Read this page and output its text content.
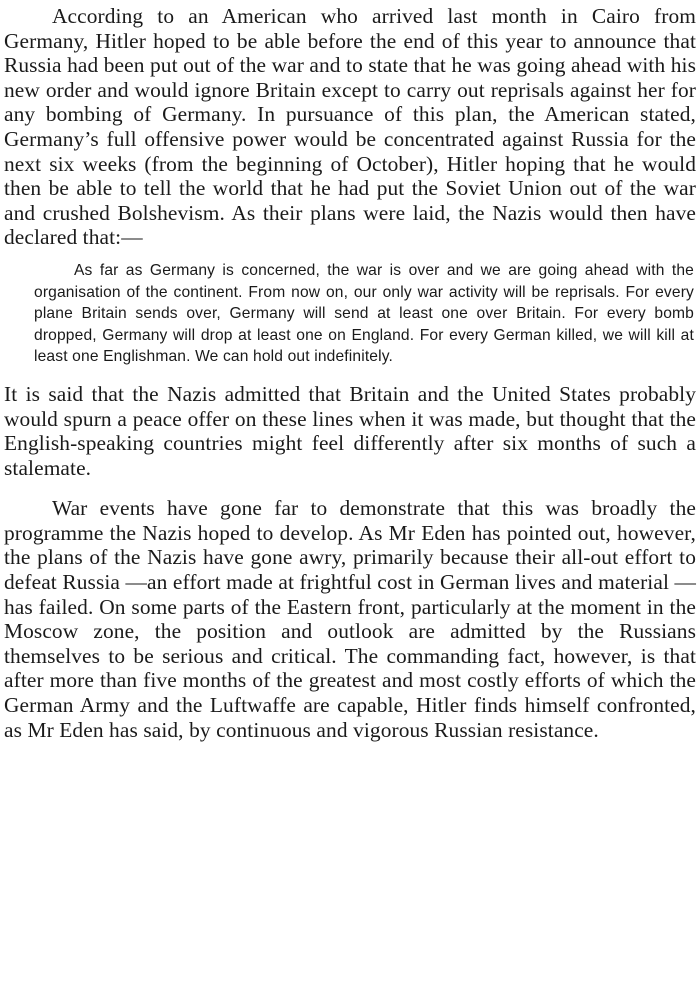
According to an American who arrived last month in Cairo from Germany, Hitler hoped to be able before the end of this year to announce that Russia had been put out of the war and to state that he was going ahead with his new order and would ignore Britain except to carry out reprisals against her for any bombing of Germany. In pursuance of this plan, the American stated, Germany’s full offensive power would be concentrated against Russia for the next six weeks (from the beginning of October), Hitler hoping that he would then be able to tell the world that he had put the Soviet Union out of the war and crushed Bolshevism. As their plans were laid, the Nazis would then have declared that:—

As far as Germany is concerned, the war is over and we are going ahead with the organisation of the continent. From now on, our only war activity will be reprisals. For every plane Britain sends over, Germany will send at least one over Britain. For every bomb dropped, Germany will drop at least one on England. For every German killed, we will kill at least one Englishman. We can hold out indefinitely.

It is said that the Nazis admitted that Britain and the United States probably would spurn a peace offer on these lines when it was made, but thought that the English-speaking countries might feel differently after six months of such a stalemate.

War events have gone far to demonstrate that this was broadly the programme the Nazis hoped to develop. As Mr Eden has pointed out, however, the plans of the Nazis have gone awry, primarily because their all-out effort to defeat Russia —an effort made at frightful cost in German lives and material —has failed. On some parts of the Eastern front, particularly at the moment in the Moscow zone, the position and outlook are admitted by the Russians themselves to be serious and critical. The commanding fact, however, is that after more than five months of the greatest and most costly efforts of which the German Army and the Luftwaffe are capable, Hitler finds himself confronted, as Mr Eden has said, by continuous and vigorous Russian resistance.
